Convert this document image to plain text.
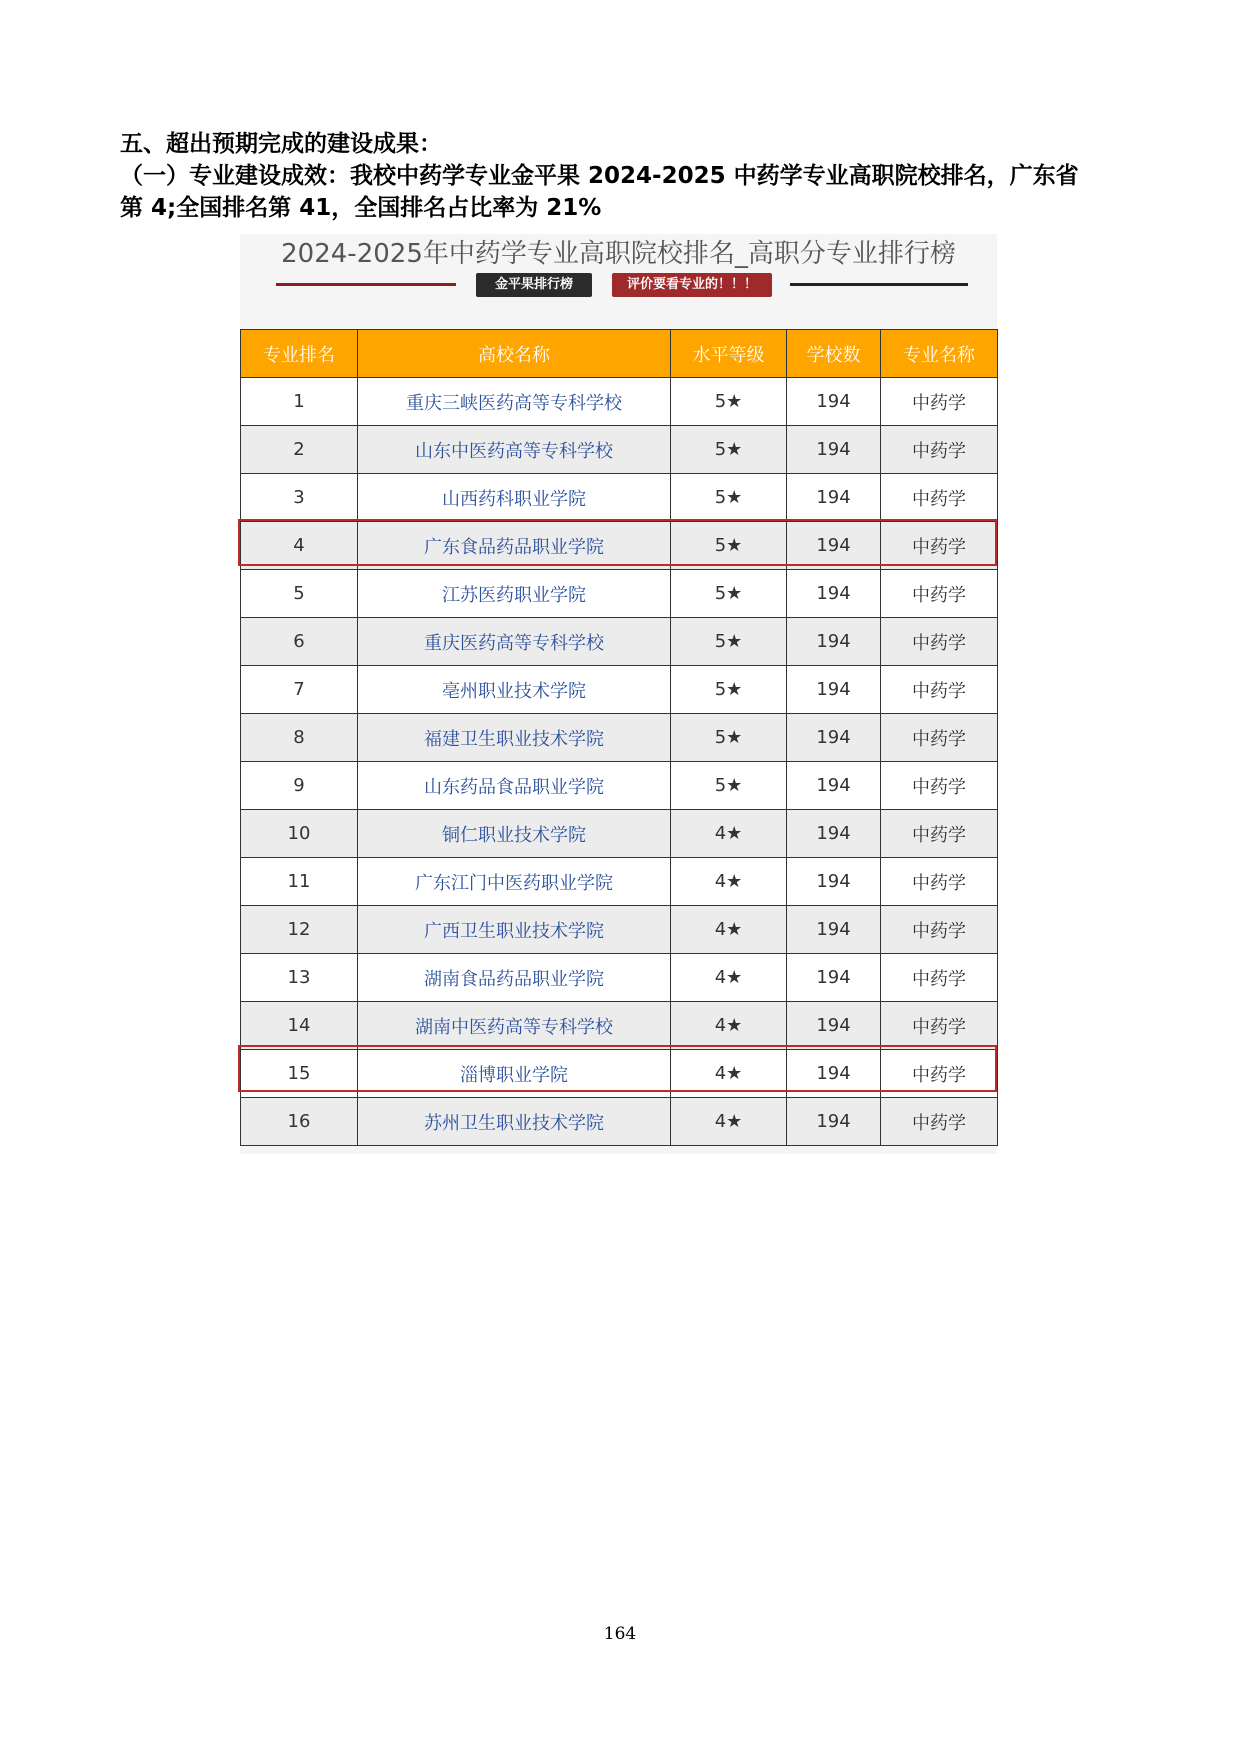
五、超出预期完成的建设成果：

（一）专业建设成效：我校中药学专业金平果 2024-2025 中药学专业高职院校排名，广东省

第 4;全国排名第 41，全国排名占比率为 21%

2024-2025年中药学专业高职院校排名_高职分专业排行榜
金平果排行榜	评价要看专业的！！！
专业排名	高校名称	水平等级	学校数	专业名称
1	重庆三峡医药高等专科学校	5★	194	中药学
2	山东中医药高等专科学校	5★	194	中药学
3	山西药科职业学院	5★	194	中药学
4	广东食品药品职业学院	5★	194	中药学
5	江苏医药职业学院	5★	194	中药学
6	重庆医药高等专科学校	5★	194	中药学
7	亳州职业技术学院	5★	194	中药学
8	福建卫生职业技术学院	5★	194	中药学
9	山东药品食品职业学院	5★	194	中药学
10	铜仁职业技术学院	4★	194	中药学
11	广东江门中医药职业学院	4★	194	中药学
12	广西卫生职业技术学院	4★	194	中药学
13	湖南食品药品职业学院	4★	194	中药学
14	湖南中医药高等专科学校	4★	194	中药学
15	淄博职业学院	4★	194	中药学
16	苏州卫生职业技术学院	4★	194	中药学
164
